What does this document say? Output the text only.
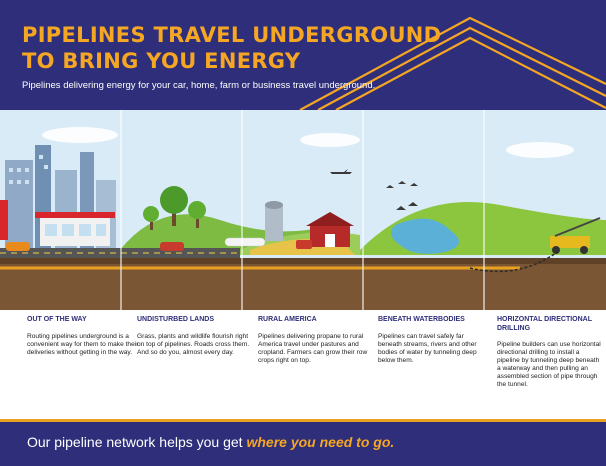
PIPELINES TRAVEL UNDERGROUND
TO BRING YOU ENERGY
Pipelines delivering energy for your car, home, farm or business travel underground.
OUT OF THE WAY

Routing pipelines underground is a convenient way for them to make their deliveries without getting in the way.

UNDISTURBED LANDS

Grass, plants and wildlife flourish right on top of pipelines. Roads cross them. And so do you, almost every day.

RURAL AMERICA

Pipelines delivering propane to rural America travel under pastures and cropland. Farmers can grow their row crops right on top.

BENEATH WATERBODIES

Pipelines can travel safely far beneath streams, rivers and other bodies of water by tunneling deep below them.

HORIZONTAL DIRECTIONAL DRILLING

Pipeline builders can use horizontal directional drilling to install a pipeline by tunneling deep beneath a waterway and then pulling an assembled section of pipe through the tunnel.

Our pipeline network helps you get where you need to go.
